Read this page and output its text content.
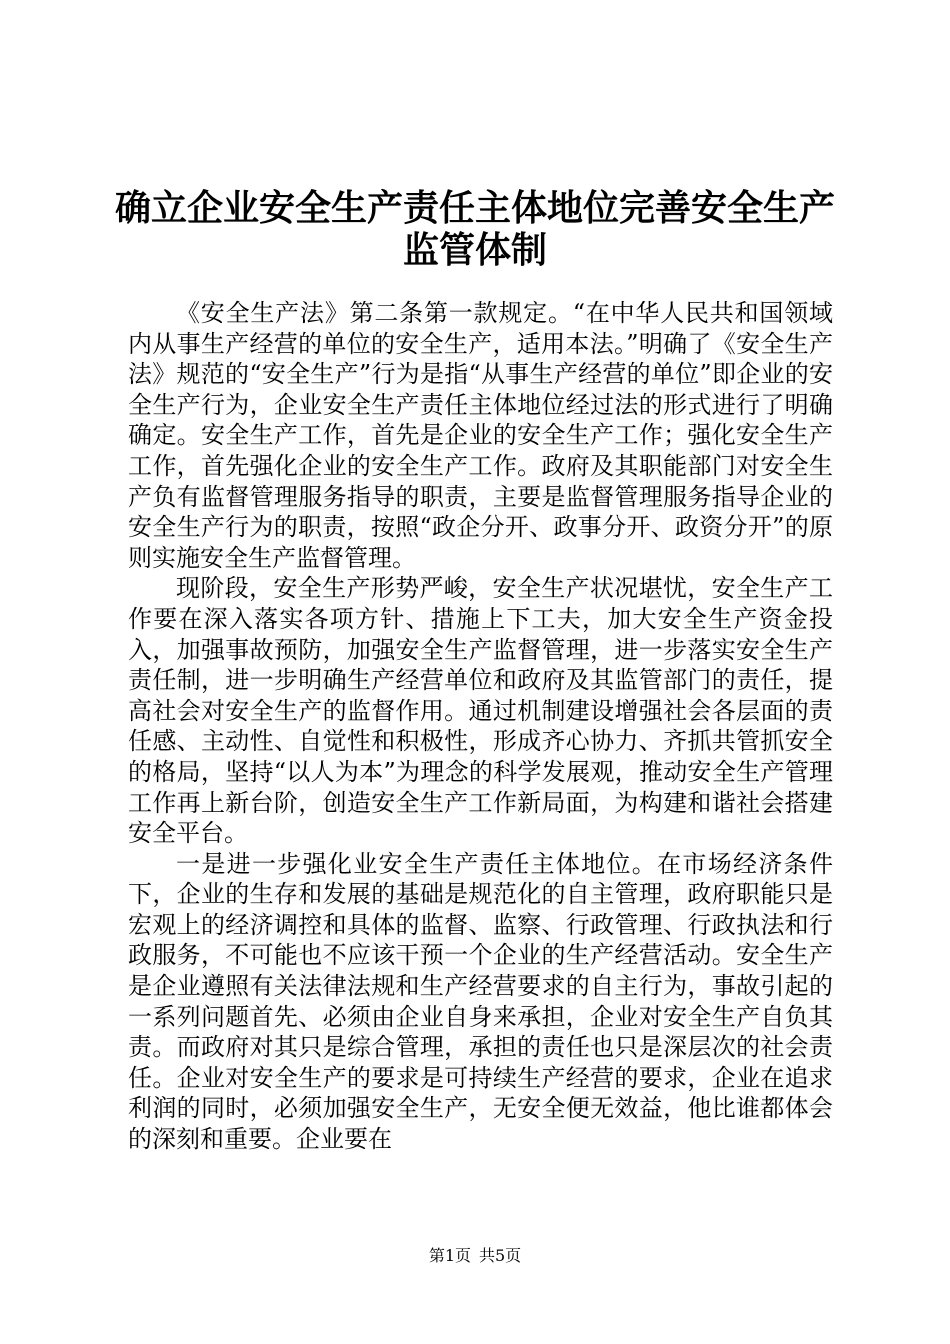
确立企业安全生产责任主体地位完善安全生产
监管体制

《安全生产法》第二条第一款规定。“在中华人民共和国领域内从事生产经营的单位的安全生产，适用本法。”明确了《安全生产法》规范的“安全生产”行为是指“从事生产经营的单位”即企业的安全生产行为，企业安全生产责任主体地位经过法的形式进行了明确确定。安全生产工作，首先是企业的安全生产工作；强化安全生产工作，首先强化企业的安全生产工作。政府及其职能部门对安全生产负有监督管理服务指导的职责，主要是监督管理服务指导企业的安全生产行为的职责，按照“政企分开、政事分开、政资分开”的原则实施安全生产监督管理。

现阶段，安全生产形势严峻，安全生产状况堪忧，安全生产工作要在深入落实各项方针、措施上下工夫，加大安全生产资金投入，加强事故预防，加强安全生产监督管理，进一步落实安全生产责任制，进一步明确生产经营单位和政府及其监管部门的责任，提高社会对安全生产的监督作用。通过机制建设增强社会各层面的责任感、主动性、自觉性和积极性，形成齐心协力、齐抓共管抓安全的格局，坚持“以人为本”为理念的科学发展观，推动安全生产管理工作再上新台阶，创造安全生产工作新局面，为构建和谐社会搭建安全平台。

一是进一步强化业安全生产责任主体地位。在市场经济条件下，企业的生存和发展的基础是规范化的自主管理，政府职能只是宏观上的经济调控和具体的监督、监察、行政管理、行政执法和行政服务，不可能也不应该干预一个企业的生产经营活动。安全生产是企业遵照有关法律法规和生产经营要求的自主行为，事故引起的一系列问题首先、必须由企业自身来承担，企业对安全生产自负其责。而政府对其只是综合管理，承担的责任也只是深层次的社会责任。企业对安全生产的要求是可持续生产经营的要求，企业在追求利润的同时，必须加强安全生产，无安全便无效益，他比谁都体会的深刻和重要。企业要在

第1页 共5页
